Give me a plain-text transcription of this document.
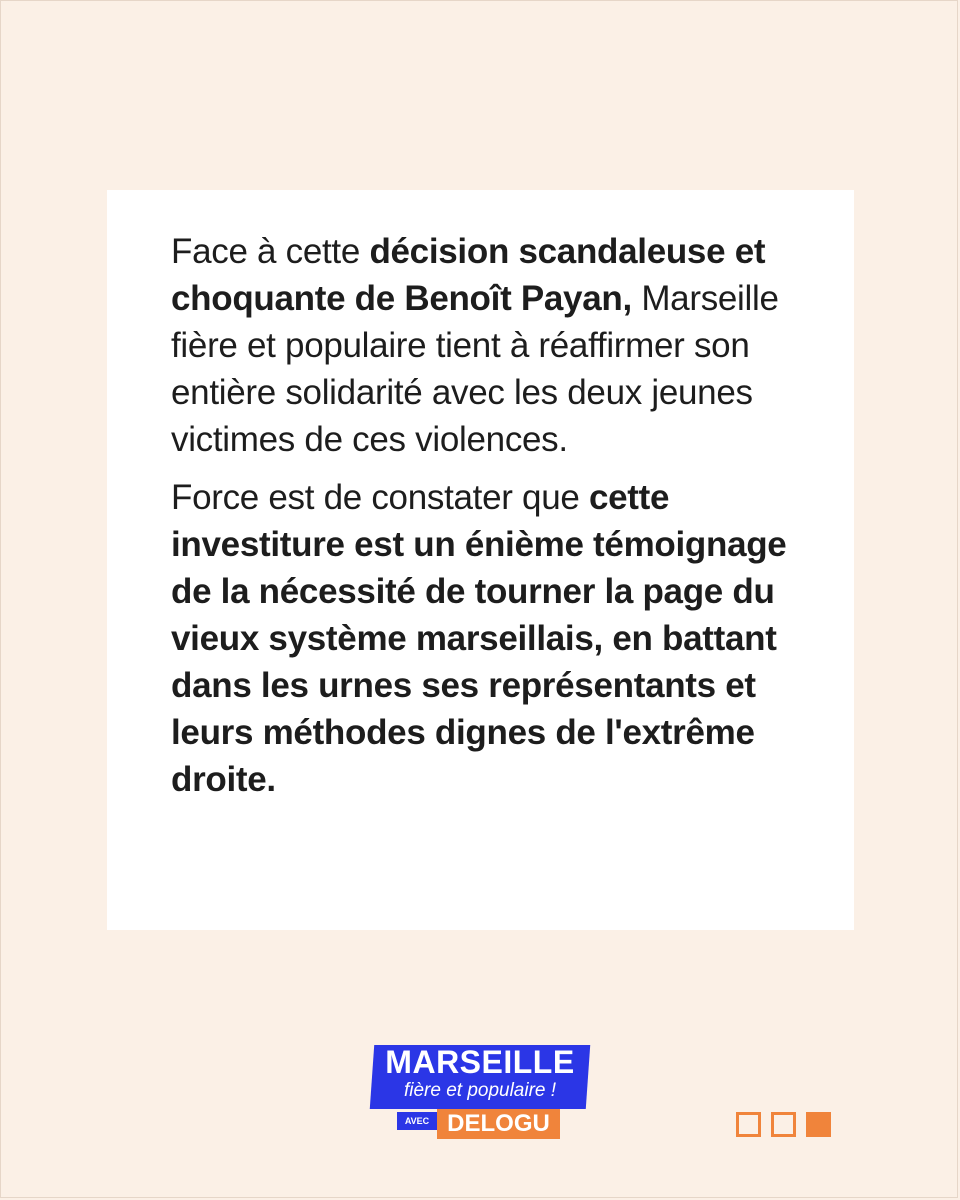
Face à cette décision scandaleuse et choquante de Benoît Payan, Marseille fière et populaire tient à réaffirmer son entière solidarité avec les deux jeunes victimes de ces violences.

Force est de constater que cette investiture est un énième témoignage de la nécessité de tourner la page du vieux système marseillais, en battant dans les urnes ses représentants et leurs méthodes dignes de l'extrême droite.

MARSEILLE
fière et populaire !
AVEC DELOGU
